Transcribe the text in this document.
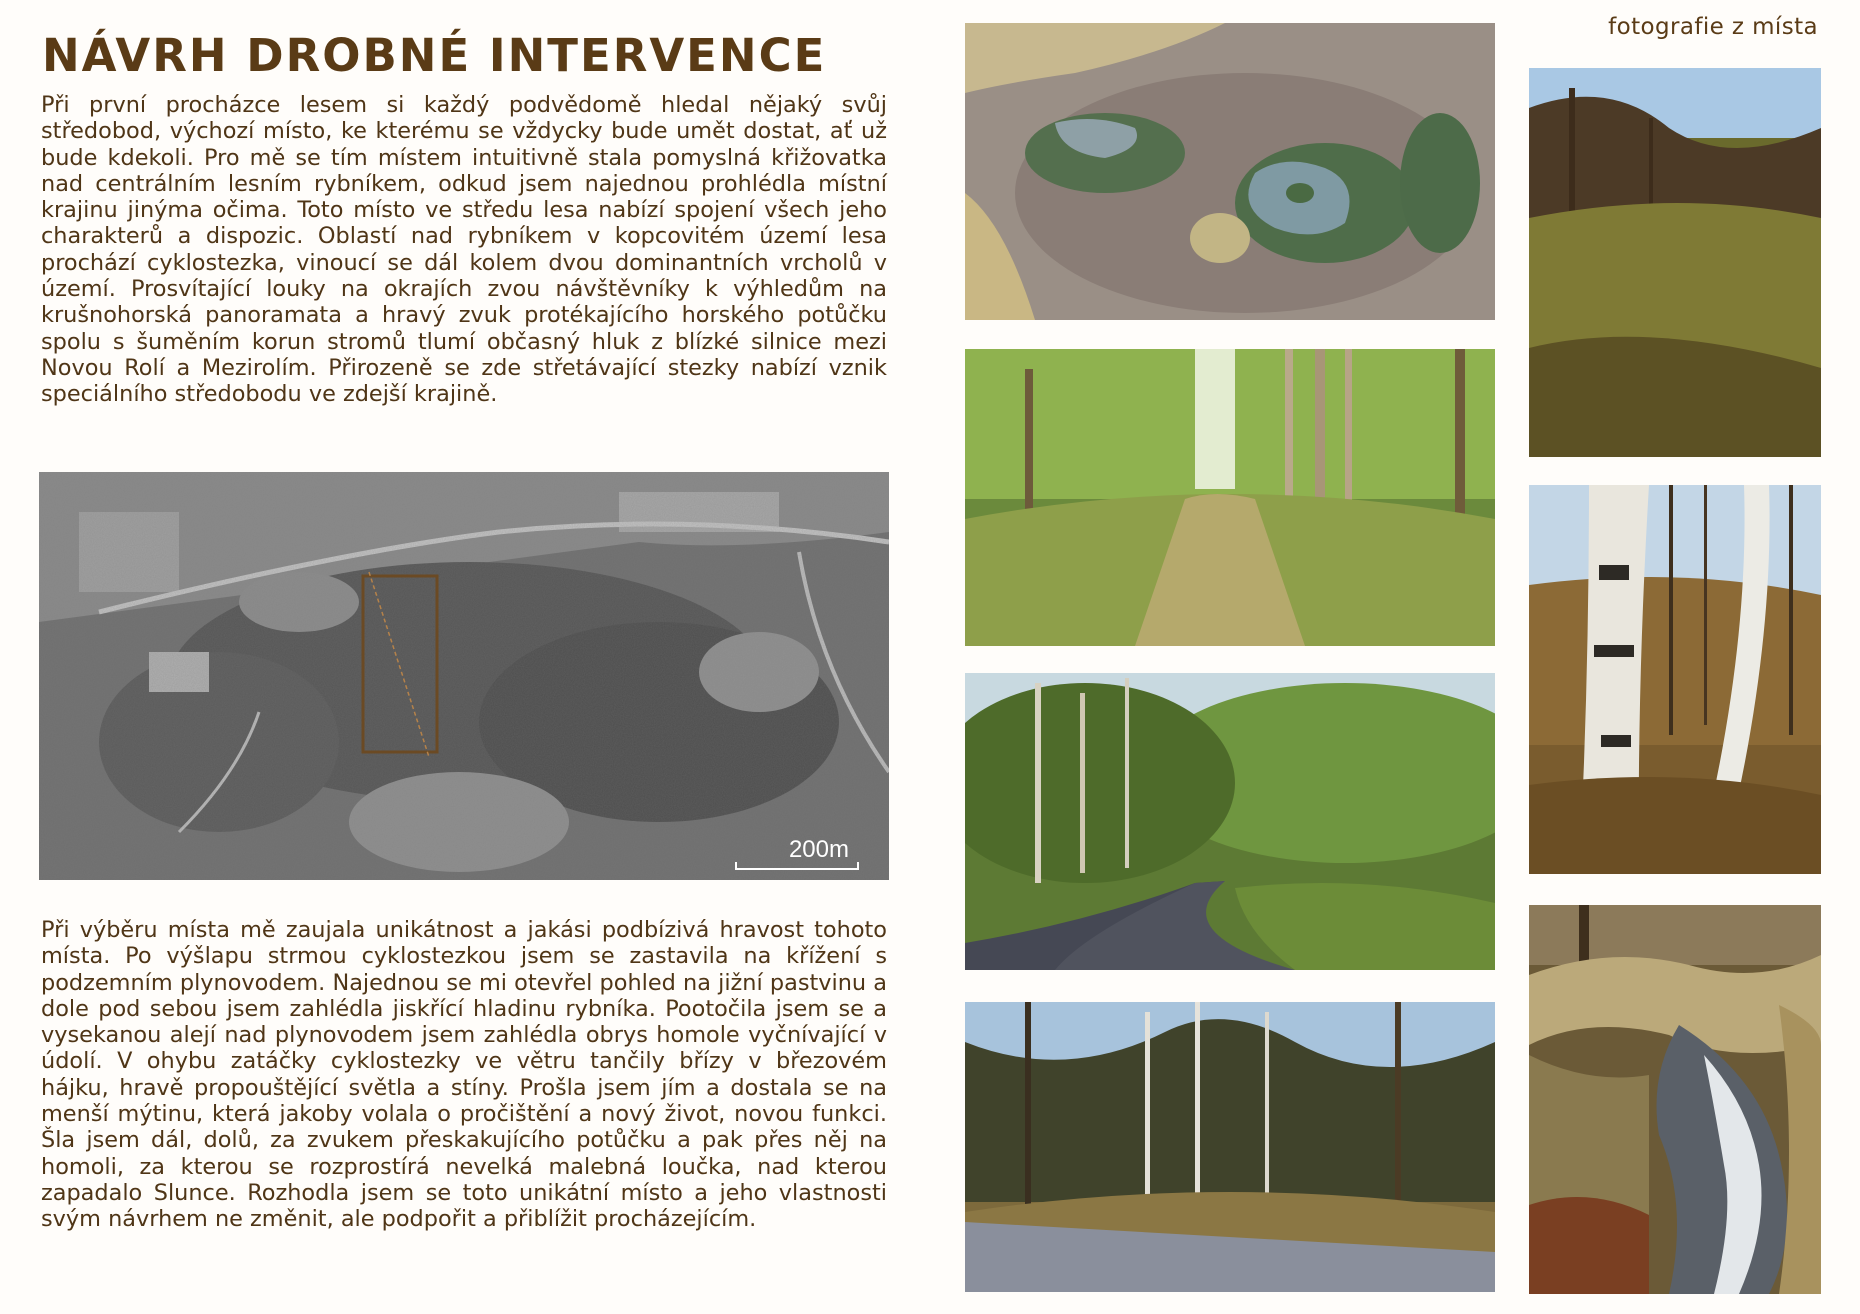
NÁVRH DROBNÉ INTERVENCE
fotografie z místa

Při první procházce lesem si každý podvědomě hledal nějaký svůj středobod, výchozí místo, ke kterému se vždycky bude umět dostat, ať už bude kdekoli. Pro mě se tím místem intuitivně stala pomyslná křižovatka nad centrálním lesním rybníkem, odkud jsem najednou prohlédla místní krajinu jinýma očima. Toto místo ve středu lesa nabízí spojení všech jeho charakterů a dispozic. Oblastí nad rybníkem v kopcovitém území lesa prochází cyklostezka, vinoucí se dál kolem dvou dominantních vrcholů v území. Prosvítající louky na okrajích zvou návštěvníky k výhledům na krušnohorská panoramata a hravý zvuk protékajícího horského potůčku spolu s šuměním korun stromů tlumí občasný hluk z blízké silnice mezi Novou Rolí a Mezirolím. Přirozeně se zde střetávající stezky nabízí vznik speciálního středobodu ve zdejší krajině.

200m

Při výběru místa mě zaujala unikátnost a jakási podbízivá hravost tohoto místa. Po výšlapu strmou cyklostezkou jsem se zastavila na křížení s podzemním plynovodem. Najednou se mi otevřel pohled na jižní pastvinu a dole pod sebou jsem zahlédla jiskřící hladinu rybníka. Pootočila jsem se a vysekanou alejí nad plynovodem jsem zahlédla obrys homole vyčnívající v údolí. V ohybu zatáčky cyklostezky ve větru tančily břízy v březovém hájku, hravě propouštějící světla a stíny. Prošla jsem jím a dostala se na menší mýtinu, která jakoby volala o pročištění a nový život, novou funkci. Šla jsem dál, dolů, za zvukem přeskakujícího potůčku a pak přes něj na homoli, za kterou se rozprostírá nevelká malebná loučka, nad kterou zapadalo Slunce. Rozhodla jsem se toto unikátní místo a jeho vlastnosti svým návrhem ne změnit, ale podpořit a přiblížit procházejícím.
